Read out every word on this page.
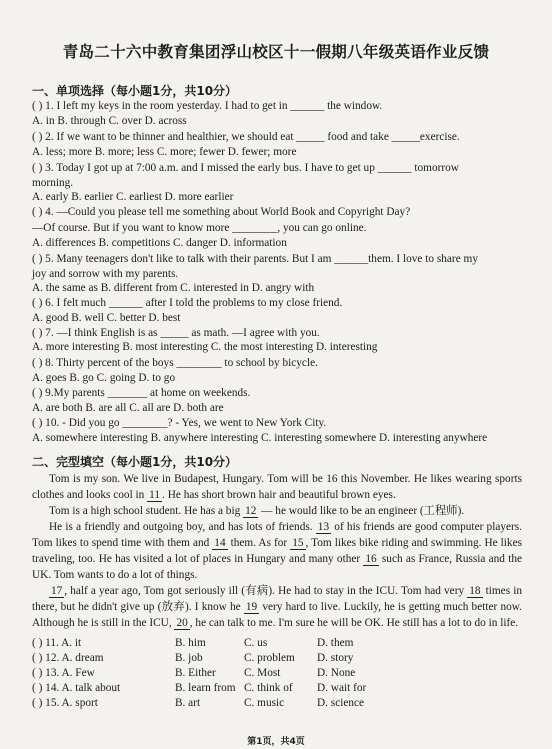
青岛二十六中教育集团浮山校区十一假期八年级英语作业反馈
一、单项选择（每小题1分，共10分）
( ) 1. I left my keys in the room yesterday. I had to get in ______ the window.
A. in B. through C. over D. across
( ) 2. If we want to be thinner and healthier, we should eat _____ food and take _____exercise.
A. less; more B. more; less C. more; fewer D. fewer; more
( ) 3. Today I got up at 7:00 a.m. and I missed the early bus. I have to get up ______ tomorrow
morning.
A. early B. earlier C. earliest D. more earlier
( ) 4. —Could you please tell me something about World Book and Copyright Day?
—Of course. But if you want to know more ________, you can go online.
A. differences B. competitions C. danger D. information
( ) 5. Many teenagers don't like to talk with their parents. But I am ______them. I love to share my
joy and sorrow with my parents.
A. the same as B. different from C. interested in D. angry with
( ) 6. I felt much ______ after I told the problems to my close friend.
A. good B. well C. better D. best
( ) 7. —I think English is as _____ as math. —I agree with you.
A. more interesting B. most interesting C. the most interesting D. interesting
( ) 8. Thirty percent of the boys ________ to school by bicycle.
A. goes B. go C. going D. to go
( ) 9.My parents _______ at home on weekends.
A. are both B. are all C. all are D. both are
( ) 10. - Did you go ________? - Yes, we went to New York City.
A. somewhere interesting B. anywhere interesting C. interesting somewhere D. interesting anywhere
二、完型填空（每小题1分，共10分）
Tom is my son. We live in Budapest, Hungary. Tom will be 16 this November. He likes wearing sports clothes and looks cool in 11 . He has short brown hair and beautiful brown eyes.
Tom is a high school student. He has a big 12 — he would like to be an engineer (工程师).
He is a friendly and outgoing boy, and has lots of friends. 13 of his friends are good computer players. Tom likes to spend time with them and 14 them. As for 15 , Tom likes bike riding and swimming. He likes traveling, too. He has visited a lot of places in Hungary and many other 16 such as France, Russia and the UK. Tom wants to do a lot of things.
17 , half a year ago, Tom got seriously ill (有病). He had to stay in the ICU. Tom had very 18 times in there, but he didn't give up (放弃). I know he 19 very hard to live. Luckily, he is getting much better now. Although he is still in the ICU, 20 , he can talk to me. I'm sure he will be OK. He still has a lot to do in life.
( ) 11. A. it	B. him	C. us	D. them
( ) 12. A. dream	B. job	C. problem D. story
( ) 13. A. Few	B. Either C. Most	D. None
( ) 14. A. talk about	B. learn from C. think of D. wait for
( ) 15. A. sport	B. art	C. music	D. science
第1页，共4页
